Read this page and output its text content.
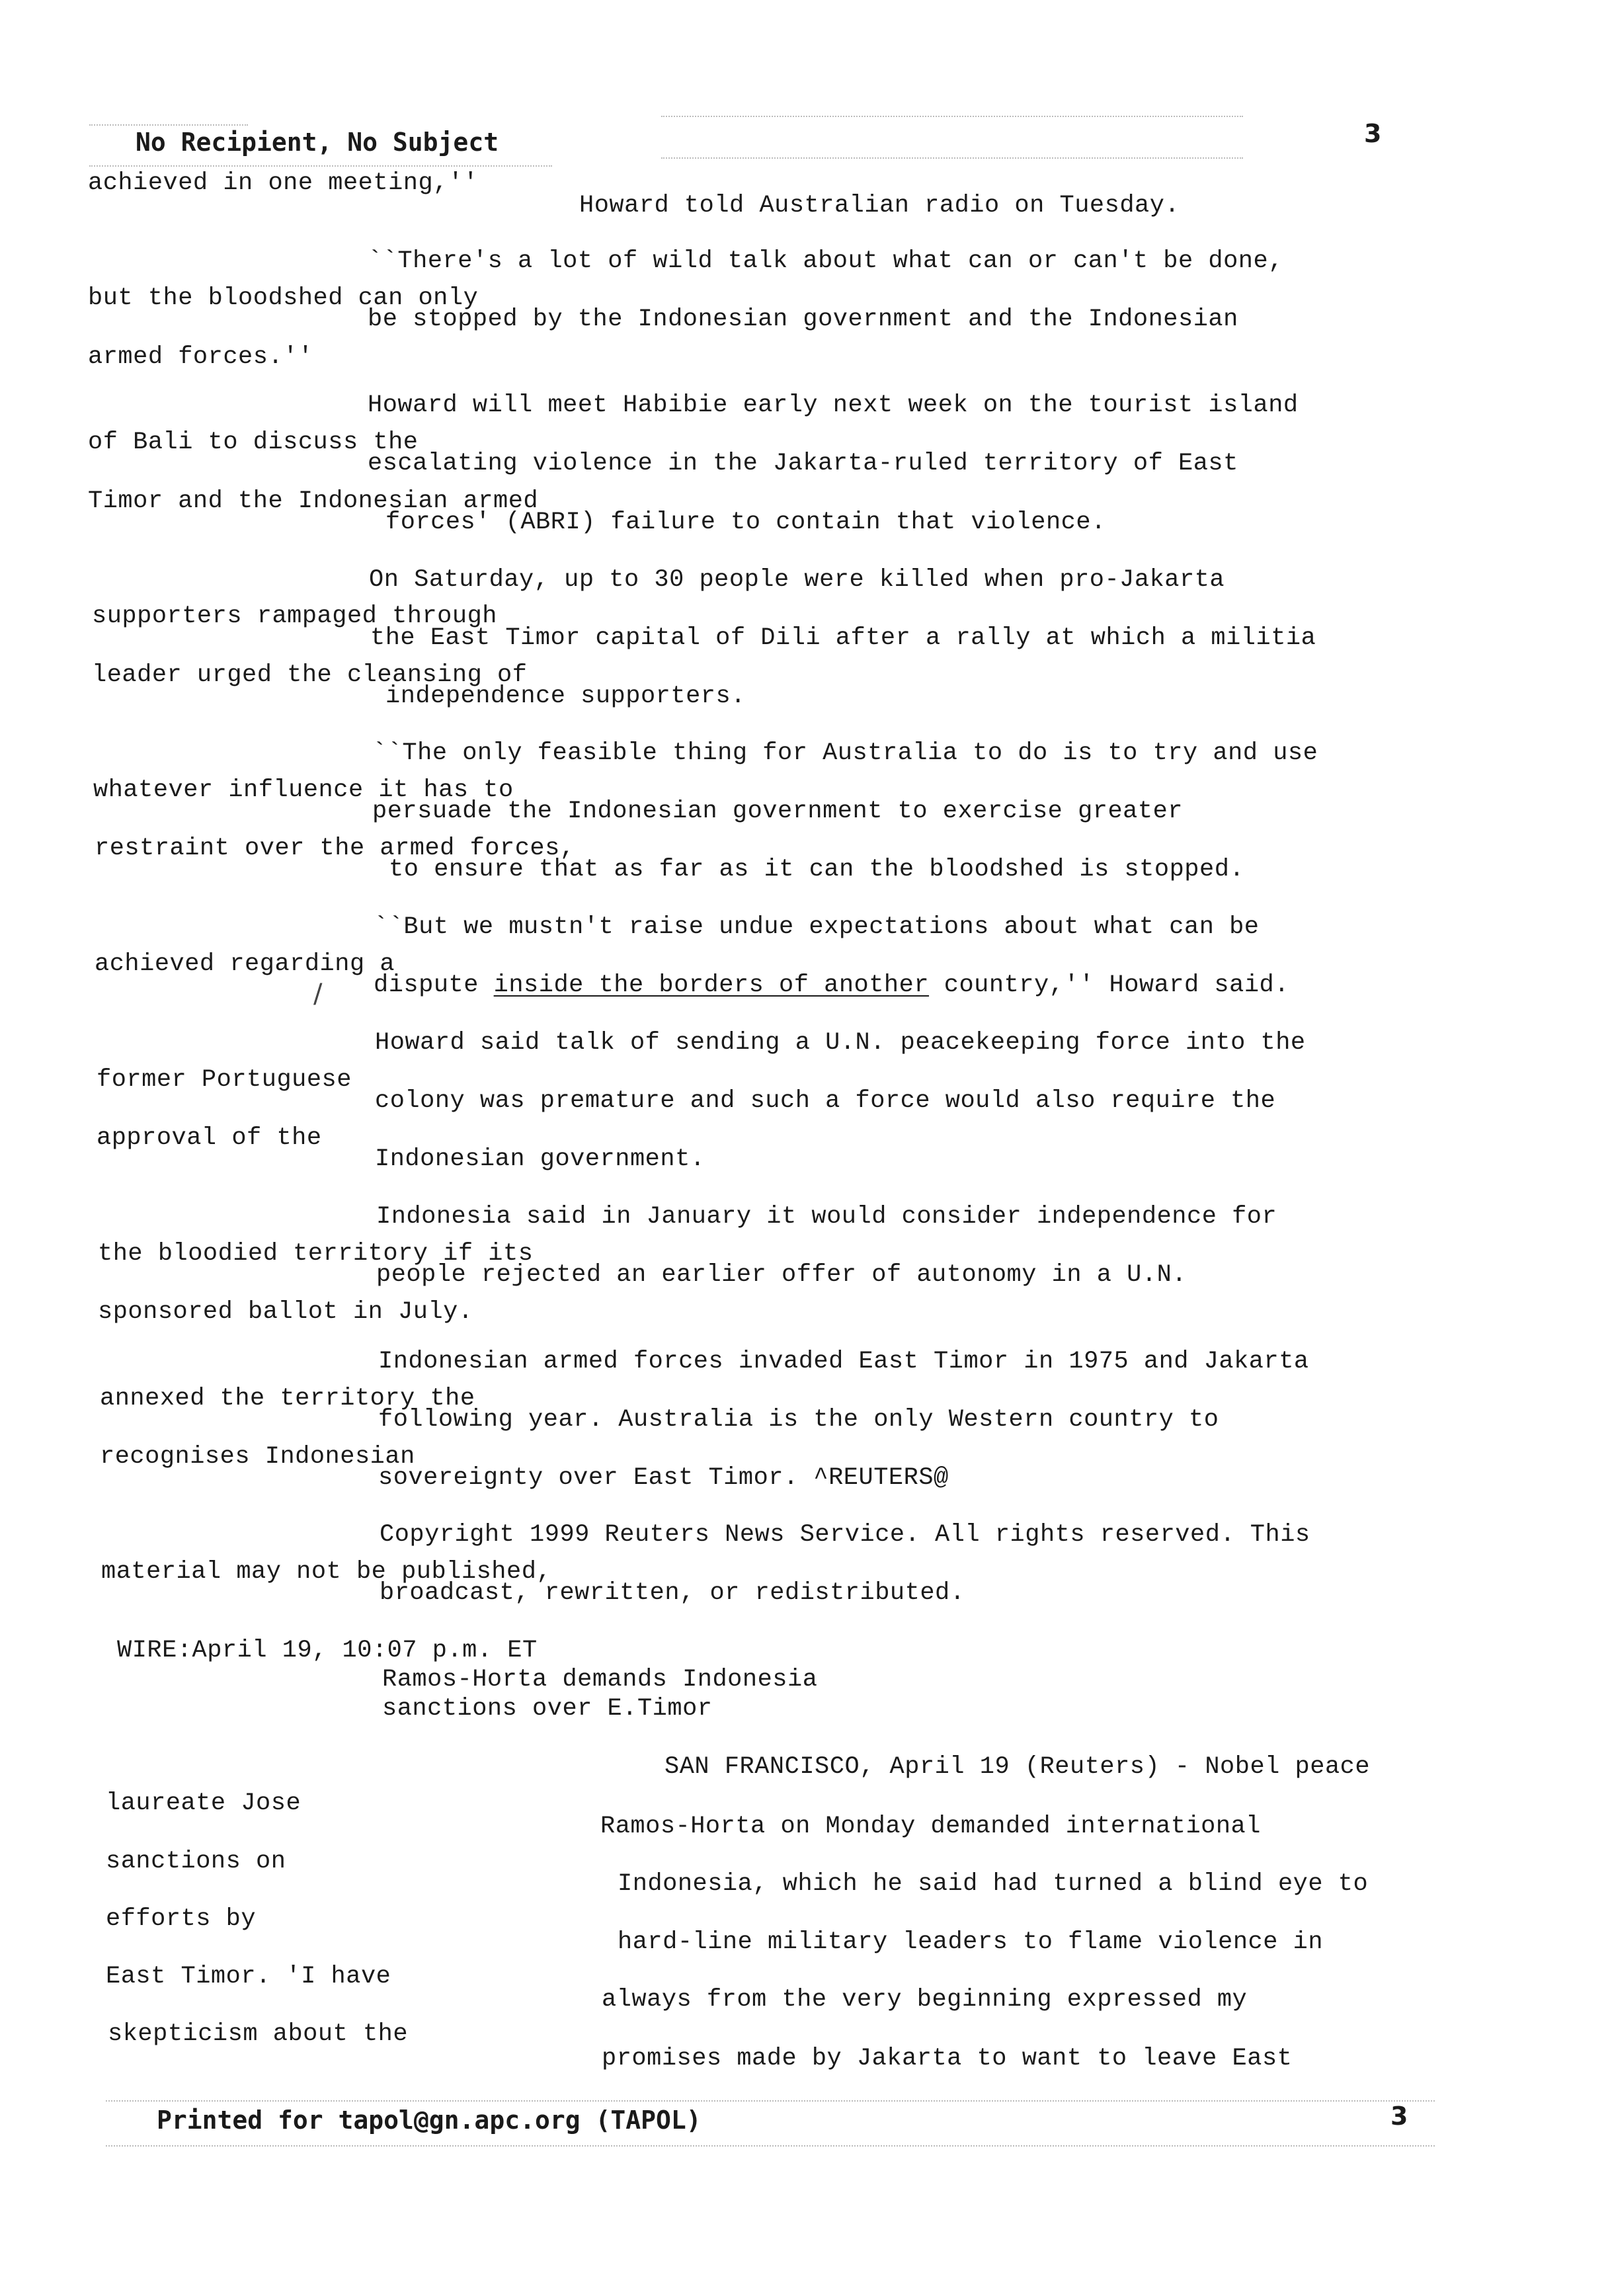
No Recipient, No Subject	3
achieved in one meeting,''
Howard told Australian radio on Tuesday.
``There's a lot of wild talk about what can or can't be done,
but the bloodshed can only
be stopped by the Indonesian government and the Indonesian
armed forces.''
Howard will meet Habibie early next week on the tourist island
of Bali to discuss the
escalating violence in the Jakarta-ruled territory of East
Timor and the Indonesian armed
forces' (ABRI) failure to contain that violence.
On Saturday, up to 30 people were killed when pro-Jakarta
supporters rampaged through
the East Timor capital of Dili after a rally at which a militia
leader urged the cleansing of
independence supporters.
``The only feasible thing for Australia to do is to try and use
whatever influence it has to
persuade the Indonesian government to exercise greater
restraint over the armed forces,
to ensure that as far as it can the bloodshed is stopped.
``But we mustn't raise undue expectations about what can be
achieved regarding a
dispute inside the borders of another country,'' Howard said.
/
Howard said talk of sending a U.N. peacekeeping force into the
former Portuguese
colony was premature and such a force would also require the
approval of the
Indonesian government.
Indonesia said in January it would consider independence for
the bloodied territory if its
people rejected an earlier offer of autonomy in a U.N.
sponsored ballot in July.
Indonesian armed forces invaded East Timor in 1975 and Jakarta
annexed the territory the
following year. Australia is the only Western country to
recognises Indonesian
sovereignty over East Timor. ^REUTERS@
Copyright 1999 Reuters News Service. All rights reserved. This
material may not be published,
broadcast, rewritten, or redistributed.
WIRE:April 19, 10:07 p.m. ET
Ramos-Horta demands Indonesia
sanctions over E.Timor
SAN FRANCISCO, April 19 (Reuters) - Nobel peace
laureate Jose
Ramos-Horta on Monday demanded international
sanctions on
Indonesia, which he said had turned a blind eye to
efforts by
hard-line military leaders to flame violence in
East Timor. 'I have
always from the very beginning expressed my
skepticism about the
promises made by Jakarta to want to leave East
Printed for tapol@gn.apc.org (TAPOL)	3
